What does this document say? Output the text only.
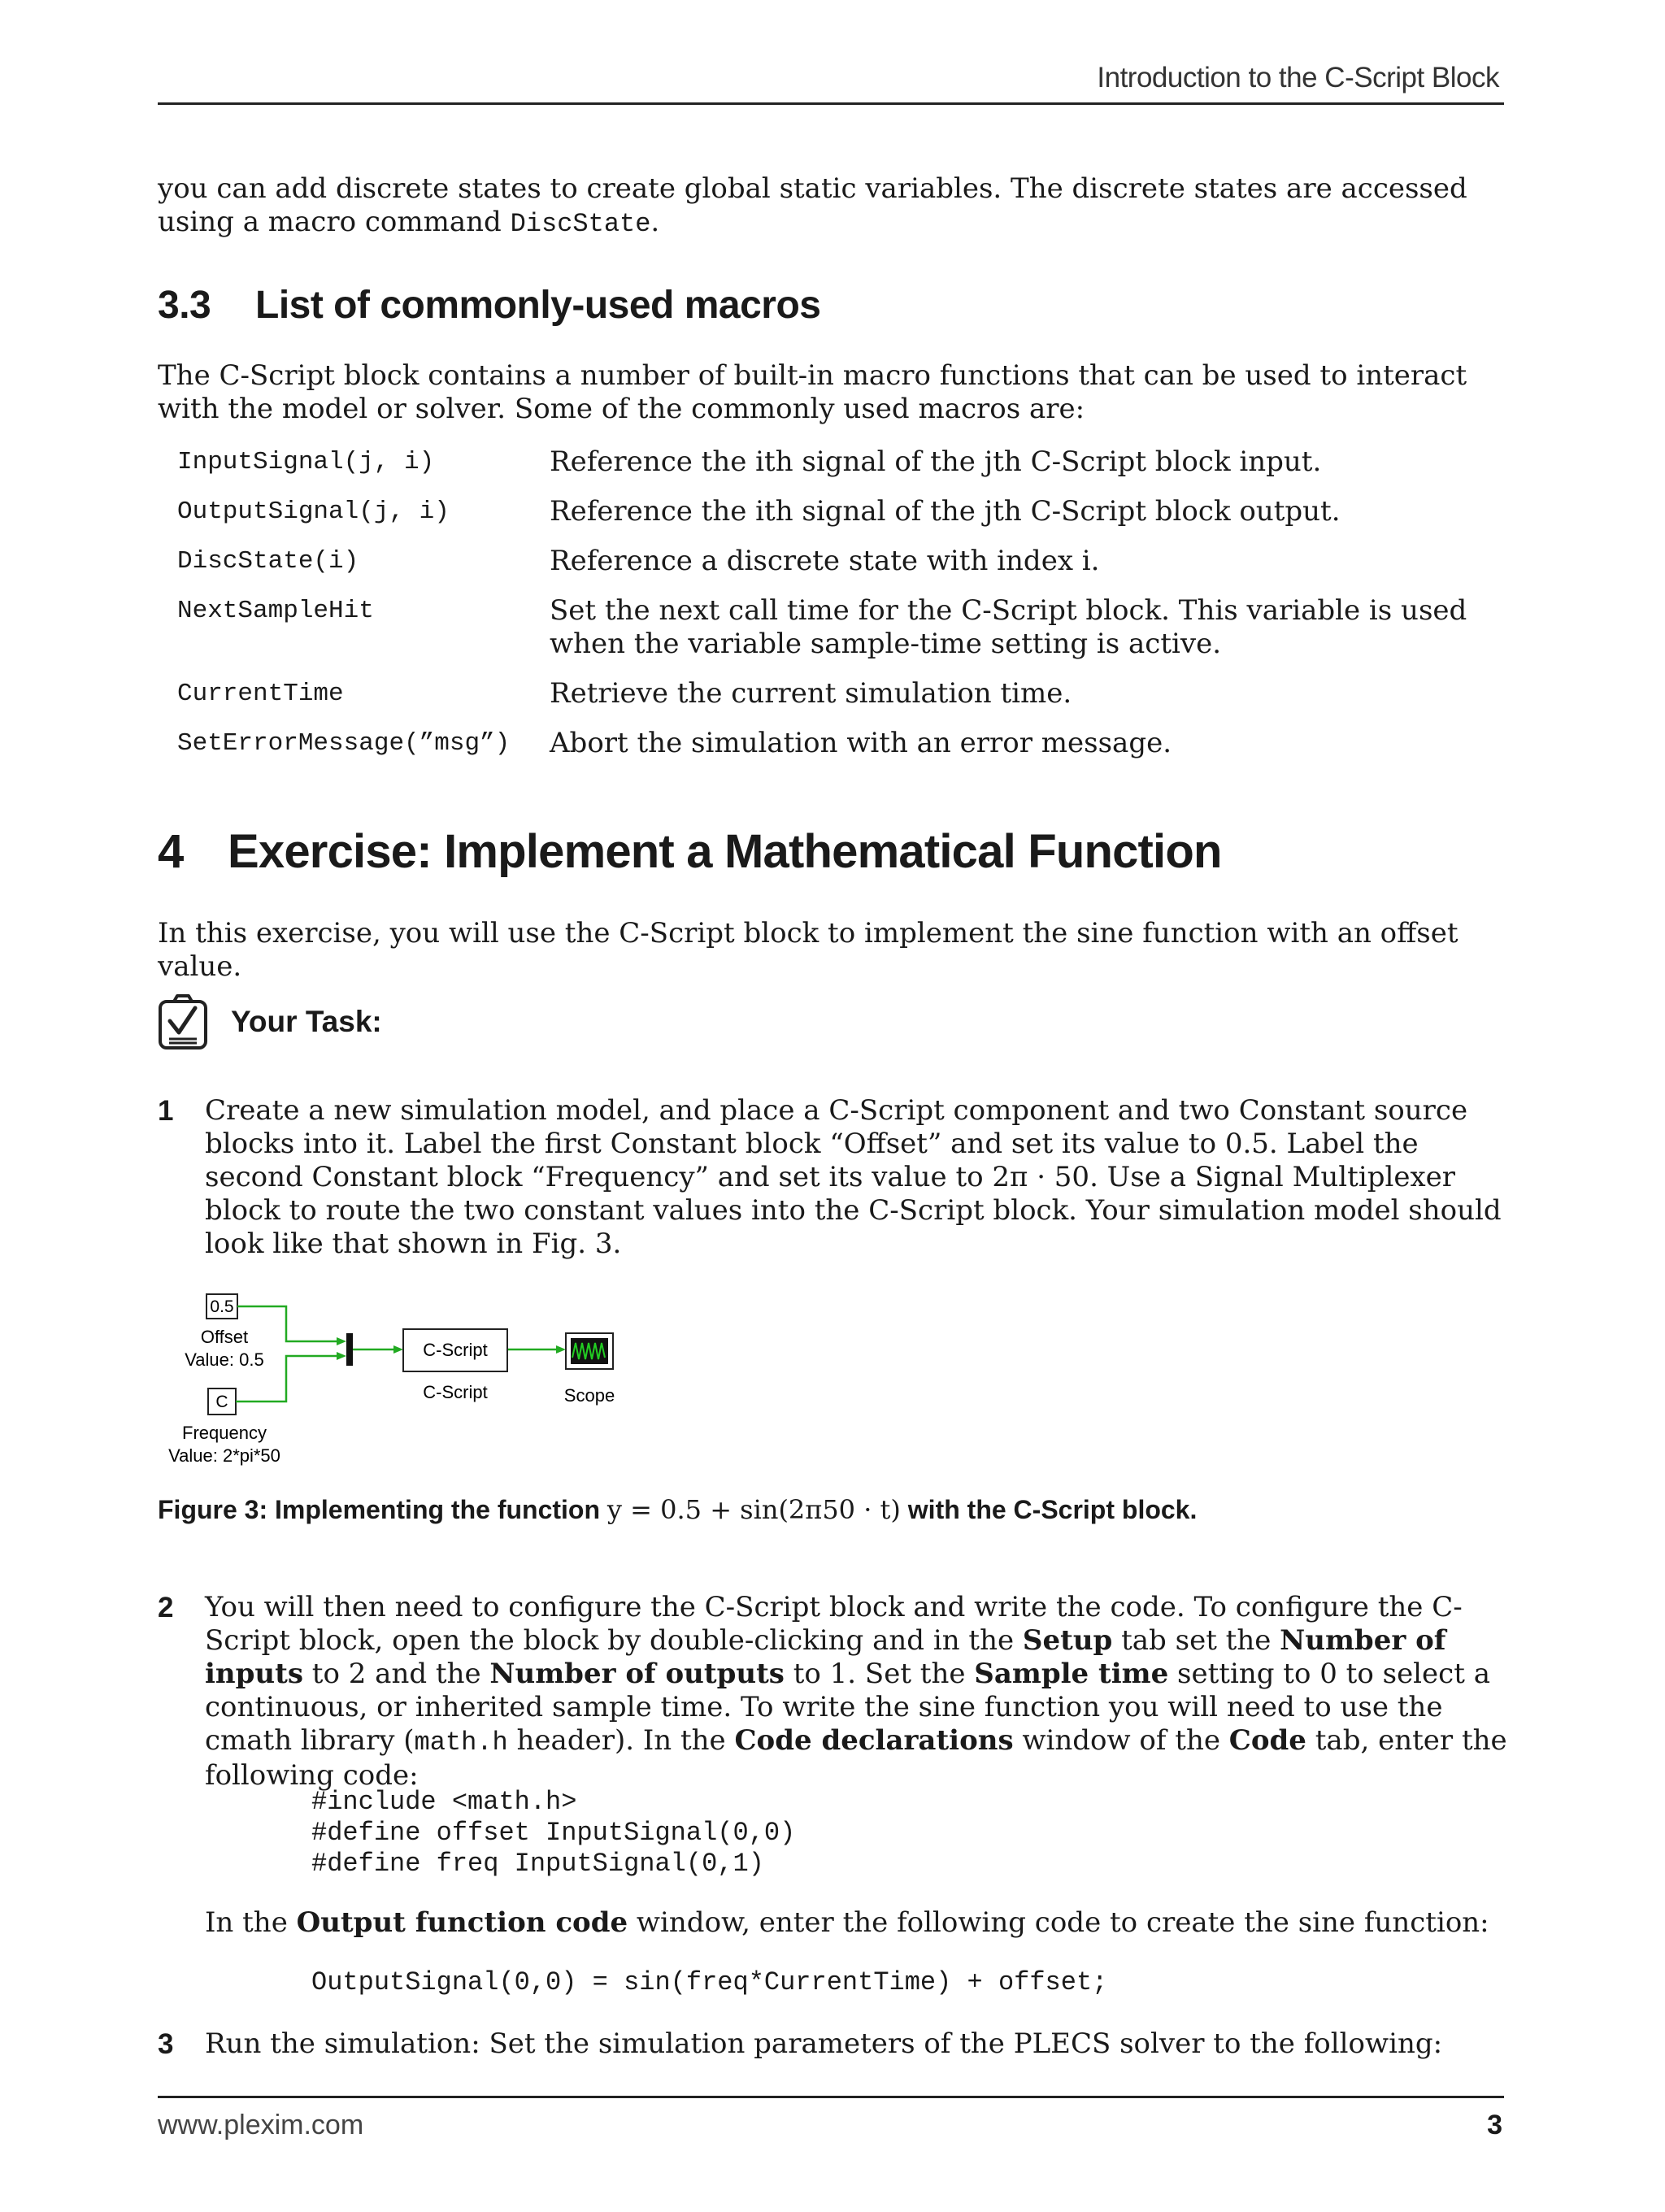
Introduction to the C-Script Block
you can add discrete states to create global static variables. The discrete states are accessed using a macro command DiscState.
3.3 List of commonly-used macros
The C-Script block contains a number of built-in macro functions that can be used to interact with the model or solver. Some of the commonly used macros are:
InputSignal(j, i)	Reference the ith signal of the jth C-Script block input.
OutputSignal(j, i)	Reference the ith signal of the jth C-Script block output.
DiscState(i)	Reference a discrete state with index i.
NextSampleHit	Set the next call time for the C-Script block. This variable is used when the variable sample-time setting is active.
CurrentTime	Retrieve the current simulation time.
SetErrorMessage(”msg”) Abort the simulation with an error message.
4 Exercise: Implement a Mathematical Function
In this exercise, you will use the C-Script block to implement the sine function with an offset value.
Your Task:
1 Create a new simulation model, and place a C-Script component and two Constant source blocks into it. Label the first Constant block “Offset” and set its value to 0.5. Label the second Constant block “Frequency” and set its value to 2π · 50. Use a Signal Multiplexer block to route the two constant values into the C-Script block. Your simulation model should look like that shown in Fig. 3.
0.5
Offset
Value: 0.5
C
Frequency
Value: 2*pi*50
C-Script
C-Script	Scope
Figure 3: Implementing the function y = 0.5 + sin(2π50 · t) with the C-Script block.
2 You will then need to configure the C-Script block and write the code. To configure the C-Script block, open the block by double-clicking and in the Setup tab set the Number of inputs to 2 and the Number of outputs to 1. Set the Sample time setting to 0 to select a continuous, or inherited sample time. To write the sine function you will need to use the cmath library (math.h header). In the Code declarations window of the Code tab, enter the following code:
#include <math.h>
#define offset InputSignal(0,0)
#define freq InputSignal(0,1)
In the Output function code window, enter the following code to create the sine function:
OutputSignal(0,0) = sin(freq*CurrentTime) + offset;
3 Run the simulation: Set the simulation parameters of the PLECS solver to the following:
www.plexim.com	3
